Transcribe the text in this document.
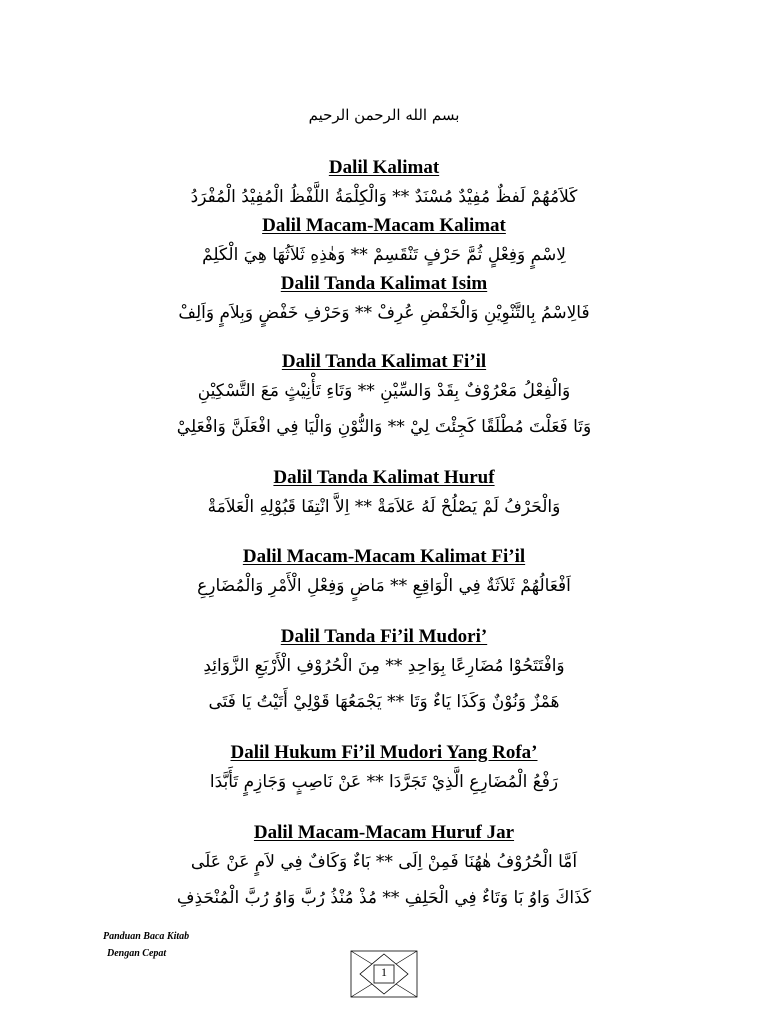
بسم الله الرحمن الرحيم
Dalil Kalimat
كَلاَمُهُمْ لَفظٌ مُفِيْدٌ مُسْنَدٌ ** وَالْكِلْمَةُ اللَّفْظُ الْمُفِيْدُ الْمُفْرَدُ
Dalil Macam-Macam Kalimat
لِاسْمٍ وَفِعْلٍ ثُمَّ حَرْفٍ تَنْقَسِمْ ** وَهٰذِهِ ثَلاَثُهَا هِيَ الْكَلِمْ
Dalil Tanda Kalimat Isim
فَالِاسْمُ بِالتَّنْوِيْنِ وَالْخَفْضِ عُرِفْ ** وَحَرْفِ خَفْضٍ وَبِلاَمٍ وَاَلِفْ
Dalil Tanda Kalimat Fi’il
وَالْفِعْلُ مَعْرُوْفٌ بِقَدْ وَالسِّيْنِ ** وَتَاءِ تَأْنِيْثٍ مَعَ التَّسْكِيْنِ
وَتَا فَعَلْتَ مُطْلَقًا كَجِئْتَ لِيْ ** وَالنُّوْنِ وَالْيَا فِي افْعَلَنَّ وَافْعَلِيْ
Dalil Tanda Kalimat Huruf
وَالْحَرْفُ لَمْ يَصْلُحْ لَهُ عَلاَمَةْ ** اِلاَّ انْتِفَا قَبُوْلِهِ الْعَلاَمَةْ
Dalil Macam-Macam Kalimat Fi’il
اَفْعَالُهُمْ ثَلاَثَةٌ فِي الْوَاقِعِ ** مَاضٍ وَفِعْلِ الْأَمْرِ وَالْمُضَارِعِ
Dalil Tanda Fi’il Mudori’
وَافْتَتَحُوْا مُضَارِعًا بِوَاحِدِ ** مِنَ الْحُرُوْفِ الْأَرْبَعِ الزَّوَائِدِ
هَمْزٌ وَنُوْنٌ وَكَذَا يَاءٌ وَتَا ** يَجْمَعُهَا قَوْلِيْ أَتَيْتُ يَا فَتَى
Dalil Hukum Fi’il Mudori Yang Rofa’
رَفْعُ الْمُضَارِعِ الَّذِيْ تَجَرَّدَا ** عَنْ نَاصِبٍ وَجَازِمٍ تَأَبَّدَا
Dalil Macam-Macam Huruf Jar
اَمَّا الْحُرُوْفُ هٰهُنَا فَمِنْ اِلَى ** بَاءٌ وَكَافٌ فِي لاَمٍ عَنْ عَلَى
كَذَاكَ وَاوُ بَا وَتَاءٌ فِي الْحَلِفِ ** مُذْ مُنْذُ رُبَّ وَاوُ رُبَّ الْمُنْحَذِفِ
Panduan Baca Kitab
Dengan Cepat
1
